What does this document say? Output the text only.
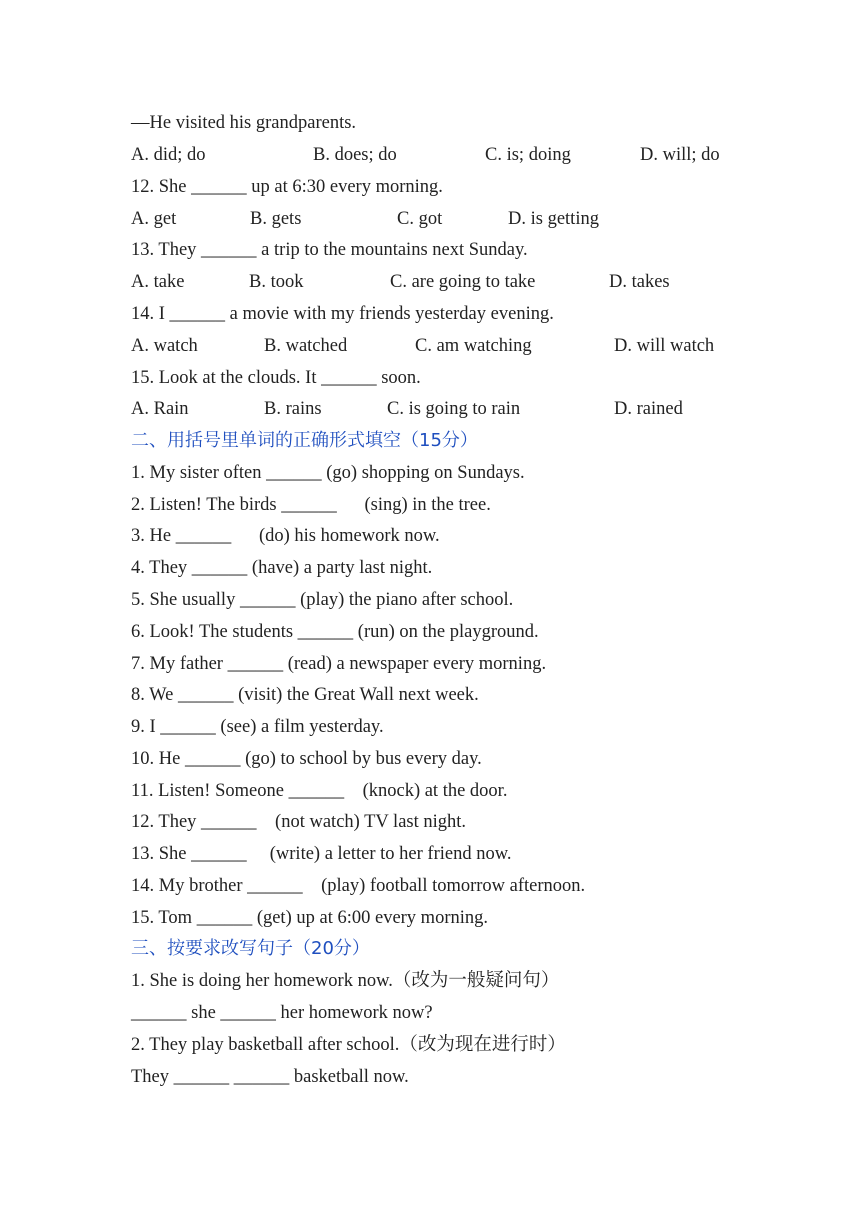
—He visited his grandparents.
A. did; do	B. does; do	C. is; doing	D. will; do
12. She ______ up at 6:30 every morning.
A. get	B. gets	C. got	D. is getting
13. They ______ a trip to the mountains next Sunday.
A. take	B. took	C. are going to take	D. takes
14. I ______ a movie with my friends yesterday evening.
A. watch	B. watched	C. am watching	D. will watch
15. Look at the clouds. It ______ soon.
A. Rain	B. rains	C. is going to rain	D. rained
二、用括号里单词的正确形式填空（15分）
1. My sister often ______ (go) shopping on Sundays.
2. Listen! The birds ______      (sing) in the tree.
3. He ______      (do) his homework now.
4. They ______ (have) a party last night.
5. She usually ______ (play) the piano after school.
6. Look! The students ______ (run) on the playground.
7. My father ______ (read) a newspaper every morning.
8. We ______ (visit) the Great Wall next week.
9. I ______ (see) a film yesterday.
10. He ______ (go) to school by bus every day.
11. Listen! Someone ______    (knock) at the door.
12. They ______    (not watch) TV last night.
13. She ______     (write) a letter to her friend now.
14. My brother ______    (play) football tomorrow afternoon.
15. Tom ______ (get) up at 6:00 every morning.
三、按要求改写句子（20分）
1. She is doing her homework now.（改为一般疑问句）
______ she ______ her homework now?
2. They play basketball after school.（改为现在进行时）
They ______ ______ basketball now.
